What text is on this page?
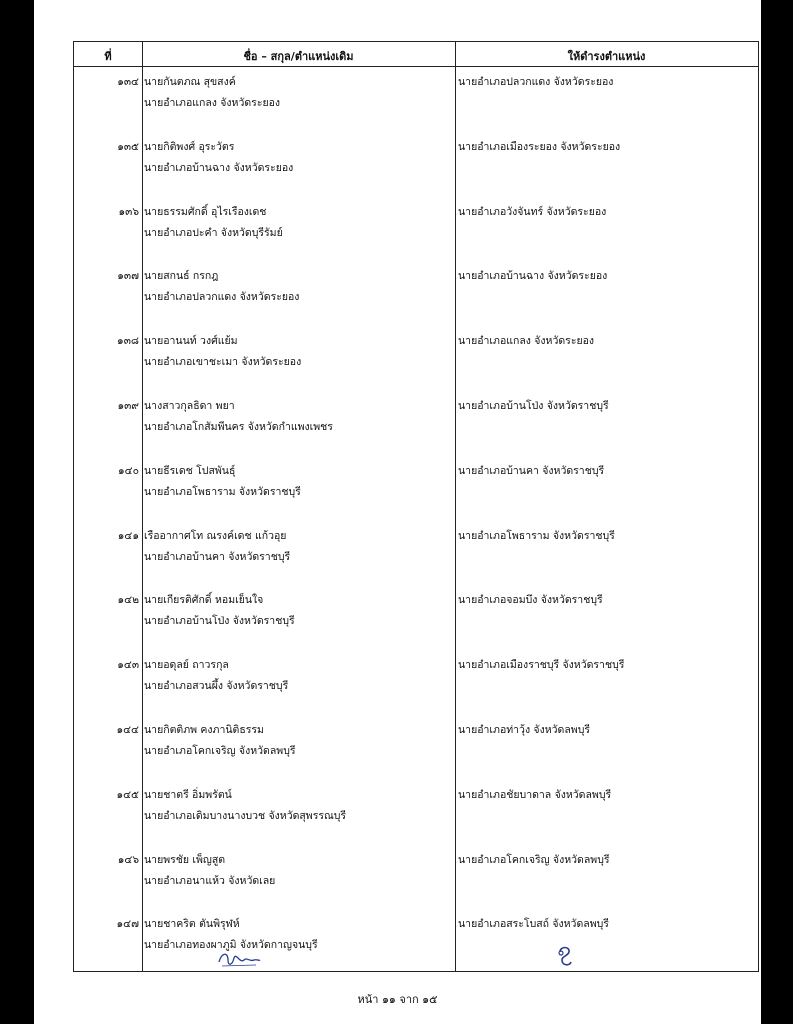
ที่	ชื่อ – สกุล/ตำแหน่งเดิม	ให้ดำรงตำแหน่ง
๑๓๔ นายกันตภณ สุขสงค์
นายอำเภอแกลง จังหวัดระยอง
นายอำเภอปลวกแดง จังหวัดระยอง
๑๓๕ นายกิติพงศ์ อุระวัตร
นายอำเภอบ้านฉาง จังหวัดระยอง
นายอำเภอเมืองระยอง จังหวัดระยอง
๑๓๖ นายธรรมศักดิ์ อุไรเรืองเดช
นายอำเภอปะคำ จังหวัดบุรีรัมย์
นายอำเภอวังจันทร์ จังหวัดระยอง
๑๓๗ นายสกนธ์ กรกฎ
นายอำเภอปลวกแดง จังหวัดระยอง
นายอำเภอบ้านฉาง จังหวัดระยอง
๑๓๘ นายอานนท์ วงศ์แย้ม
นายอำเภอเขาชะเมา จังหวัดระยอง
นายอำเภอแกลง จังหวัดระยอง
๑๓๙ นางสาวกุลธิดา พยา
นายอำเภอโกสัมพีนคร จังหวัดกำแพงเพชร
นายอำเภอบ้านโป่ง จังหวัดราชบุรี
๑๔๐ นายธีรเดช โปสพันธุ์
นายอำเภอโพธาราม จังหวัดราชบุรี
นายอำเภอบ้านคา จังหวัดราชบุรี
๑๔๑ เรืออากาศโท ณรงค์เดช แก้วอุย
นายอำเภอบ้านคา จังหวัดราชบุรี
นายอำเภอโพธาราม จังหวัดราชบุรี
๑๔๒ นายเกียรติศักดิ์ หอมเย็นใจ
นายอำเภอบ้านโป่ง จังหวัดราชบุรี
นายอำเภอจอมบึง จังหวัดราชบุรี
๑๔๓ นายอดุลย์ ถาวรกุล
นายอำเภอสวนผึ้ง จังหวัดราชบุรี
นายอำเภอเมืองราชบุรี จังหวัดราชบุรี
๑๔๔ นายกิตติภพ คงภานิติธรรม
นายอำเภอโคกเจริญ จังหวัดลพบุรี
นายอำเภอท่าวุ้ง จังหวัดลพบุรี
๑๔๕ นายชาตรี อิ่มพรัตน์
นายอำเภอเดิมบางนางบวช จังหวัดสุพรรณบุรี
นายอำเภอชัยบาดาล จังหวัดลพบุรี
๑๔๖ นายพรชัย เพ็ญสูต
นายอำเภอนาแห้ว จังหวัดเลย
นายอำเภอโคกเจริญ จังหวัดลพบุรี
๑๔๗ นายชาคริต ตันพิรุฬห์
นายอำเภอทองผาภูมิ จังหวัดกาญจนบุรี
นายอำเภอสระโบสถ์ จังหวัดลพบุรี
หน้า ๑๑ จาก ๑๕
